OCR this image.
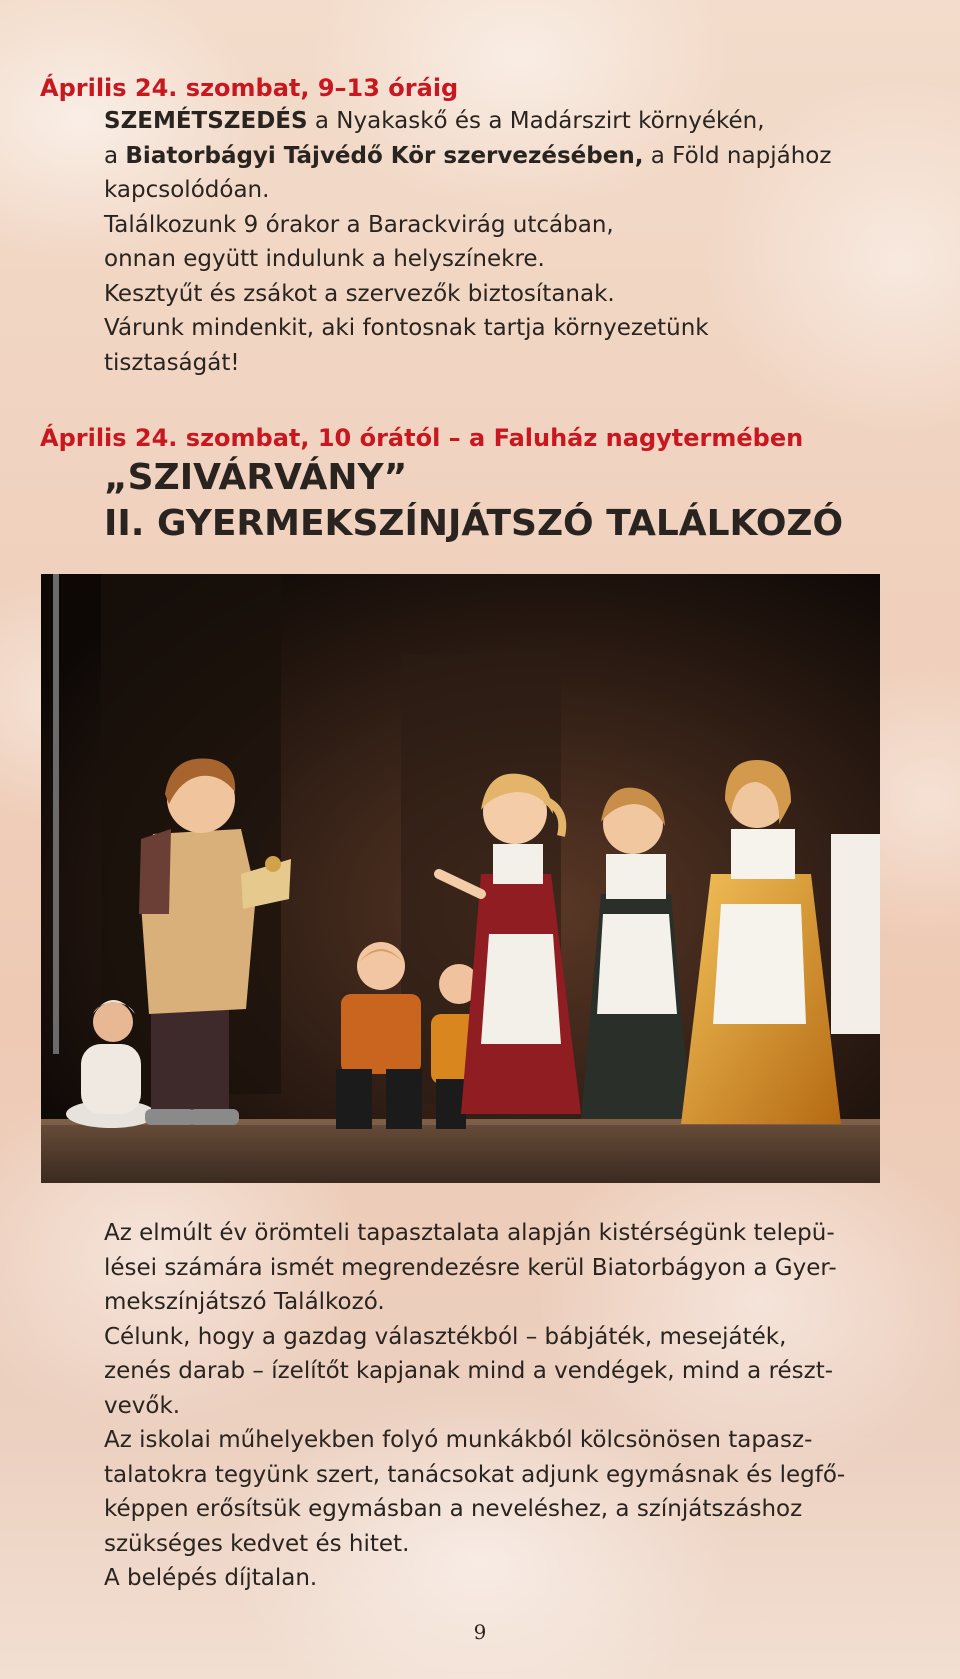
Április 24. szombat, 9–13 óráig

SZEMÉTSZEDÉS a Nyakaskő és a Madárszirt környékén,

a Biatorbágyi Tájvédő Kör szervezésében, a Föld napjához

kapcsolódóan.

Találkozunk 9 órakor a Barackvirág utcában,

onnan együtt indulunk a helyszínekre.

Kesztyűt és zsákot a szervezők biztosítanak.

Várunk mindenkit, aki fontosnak tartja környezetünk

tisztaságát!

Április 24. szombat, 10 órától – a Faluház nagytermében
„SZIVÁRVÁNY”
II. GYERMEKSZÍNJÁTSZÓ TALÁLKOZÓ

Az elmúlt év örömteli tapasztalata alapján kistérségünk telepü-

lései számára ismét megrendezésre kerül Biatorbágyon a Gyer-

mekszínjátszó Találkozó.

Célunk, hogy a gazdag választékból – bábjáték, mesejáték,

zenés darab – ízelítőt kapjanak mind a vendégek, mind a részt-

vevők.

Az iskolai műhelyekben folyó munkákból kölcsönösen tapasz-

talatokra tegyünk szert, tanácsokat adjunk egymásnak és legfő-

képpen erősítsük egymásban a neveléshez, a színjátszáshoz

szükséges kedvet és hitet.

A belépés díjtalan.

9
